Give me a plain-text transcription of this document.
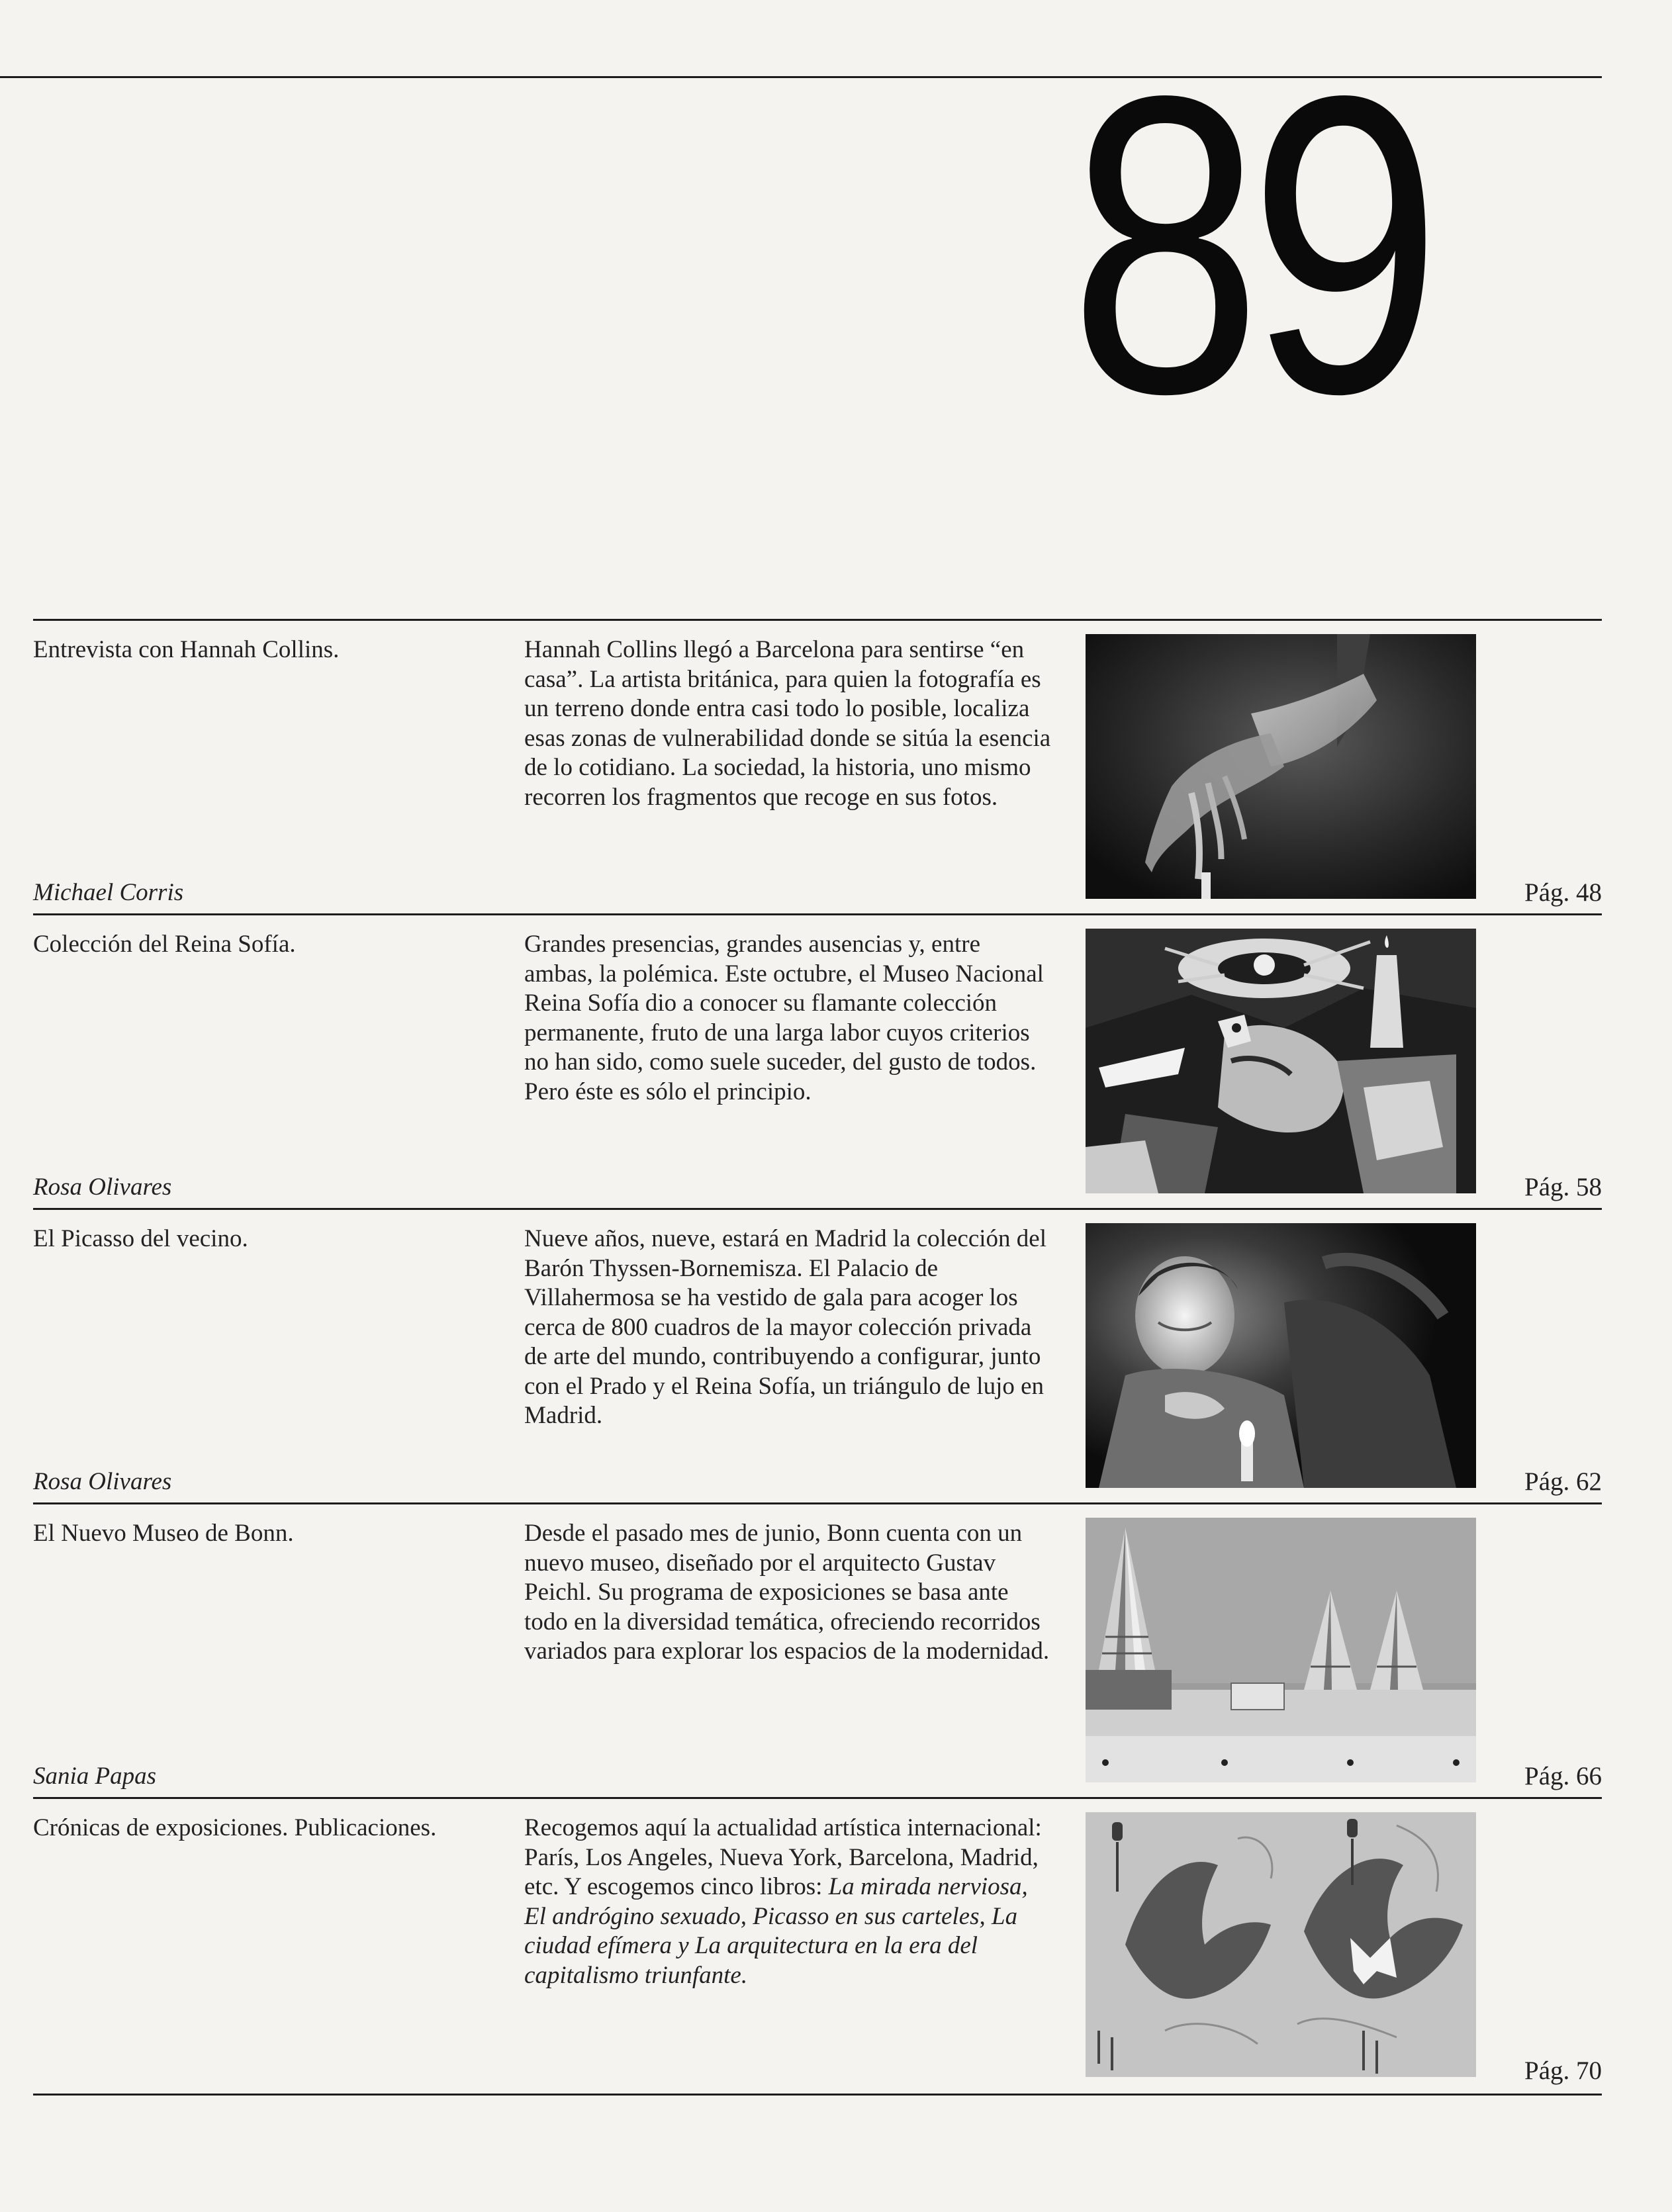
89
Entrevista con Hannah Collins.	Hannah Collins llegó a Barcelona para sentirse “en casa”. La artista británica, para quien la fotografía es un terreno donde entra casi todo lo posible, localiza esas zonas de vulnerabilidad donde se sitúa la esencia de lo cotidiano. La sociedad, la historia, uno mismo recorren los fragmentos que recoge en sus fotos.
Michael Corris	Pág. 48
Colección del Reina Sofía.	Grandes presencias, grandes ausencias y, entre ambas, la polémica. Este octubre, el Museo Nacional Reina Sofía dio a conocer su flamante colección permanente, fruto de una larga labor cuyos criterios no han sido, como suele suceder, del gusto de todos. Pero éste es sólo el principio.
Rosa Olivares	Pág. 58
El Picasso del vecino.	Nueve años, nueve, estará en Madrid la colección del Barón Thyssen-Bornemisza. El Palacio de Villahermosa se ha vestido de gala para acoger los cerca de 800 cuadros de la mayor colección privada de arte del mundo, contribuyendo a configurar, junto con el Prado y el Reina Sofía, un triángulo de lujo en Madrid.
Rosa Olivares	Pág. 62
El Nuevo Museo de Bonn.	Desde el pasado mes de junio, Bonn cuenta con un nuevo museo, diseñado por el arquitecto Gustav Peichl. Su programa de exposiciones se basa ante todo en la diversidad temática, ofreciendo recorridos variados para explorar los espacios de la modernidad.
Sania Papas	Pág. 66
Crónicas de exposiciones. Publicaciones.	Recogemos aquí la actualidad artística internacional: París, Los Angeles, Nueva York, Barcelona, Madrid, etc. Y escogemos cinco libros: La mirada nerviosa, El andrógino sexuado, Picasso en sus carteles, La ciudad efímera y La arquitectura en la era del capitalismo triunfante.
Pág. 70
